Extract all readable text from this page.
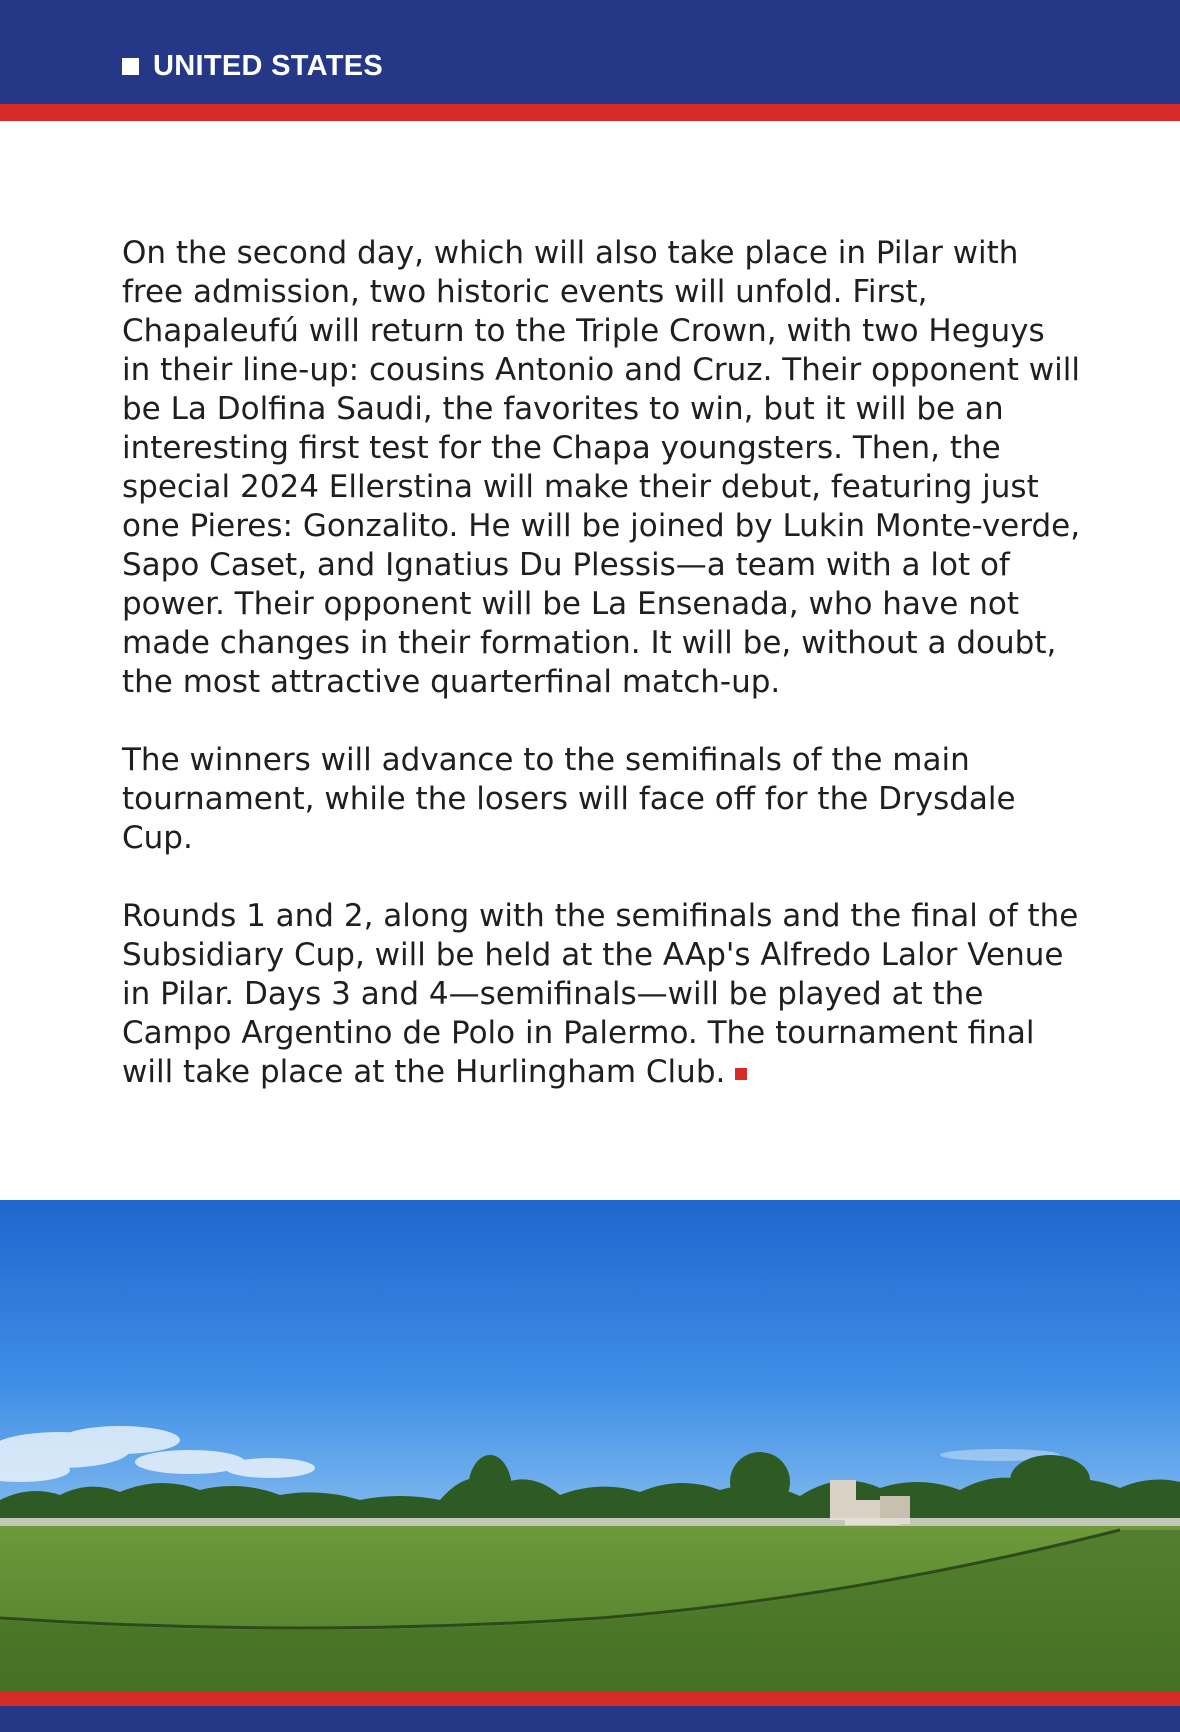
UNITED STATES

On the second day, which will also take place in Pilar with free admission, two historic events will unfold. First, Chapaleufú will return to the Triple Crown, with two Heguys in their line-up: cousins Antonio and Cruz. Their opponent will be La Dolfina Saudi, the favorites to win, but it will be an interesting first test for the Chapa youngsters. Then, the special 2024 Ellerstina will make their debut, featuring just one Pieres: Gonzalito. He will be joined by Lukin Monte-verde, Sapo Caset, and Ignatius Du Plessis—a team with a lot of power. Their opponent will be La Ensenada, who have not made changes in their formation. It will be, without a doubt, the most attractive quarterfinal match-up.

The winners will advance to the semifinals of the main tournament, while the losers will face off for the Drysdale Cup.

Rounds 1 and 2, along with the semifinals and the final of the Subsidiary Cup, will be held at the AAp's Alfredo Lalor Venue in Pilar. Days 3 and 4—semifinals—will be played at the Campo Argentino de Polo in Palermo. The tournament final will take place at the Hurlingham Club.
